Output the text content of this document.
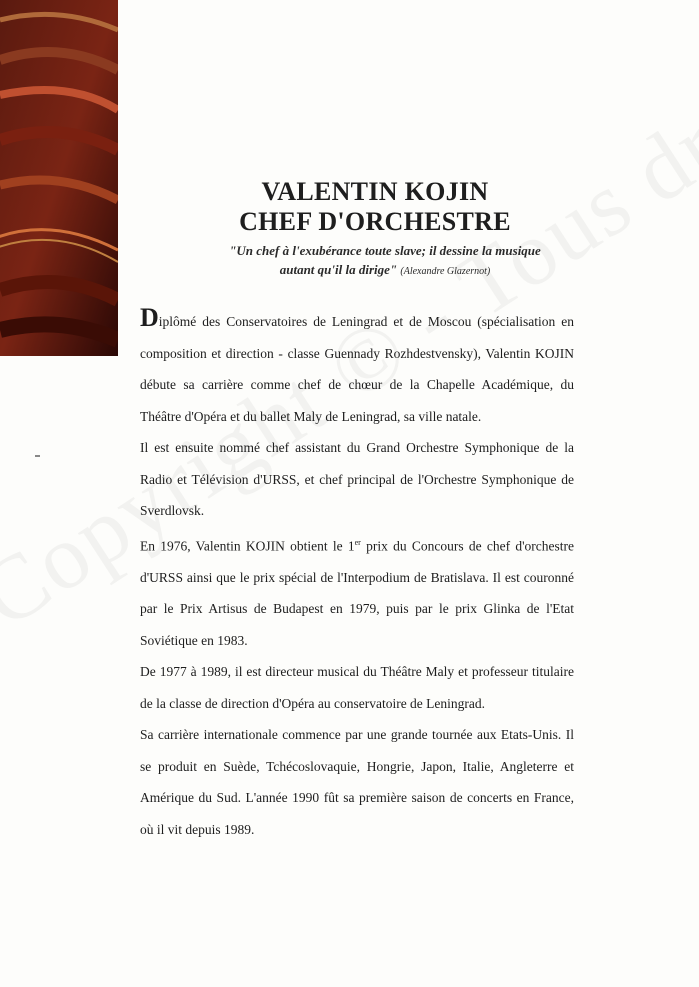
VALENTIN KOJIN
CHEF D'ORCHESTRE
"Un chef à l'exubérance toute slave; il dessine la musique
autant qu'il la dirige" (Alexandre Glazernot)

Diplômé des Conservatoires de Leningrad et de Moscou (spécialisation en composition et direction - classe Guennady Rozhdestvensky), Valentin KOJIN débute sa carrière comme chef de chœur de la Chapelle Académique, du Théâtre d'Opéra et du ballet Maly de Leningrad, sa ville natale.

Il est ensuite nommé chef assistant du Grand Orchestre Symphonique de la Radio et Télévision d'URSS, et chef principal de l'Orchestre Symphonique de Sverdlovsk.

En 1976, Valentin KOJIN obtient le 1er prix du Concours de chef d'orchestre d'URSS ainsi que le prix spécial de l'Interpodium de Bratislava. Il est couronné par le Prix Artisus de Budapest en 1979, puis par le prix Glinka de l'Etat Soviétique en 1983.

De 1977 à 1989, il est directeur musical du Théâtre Maly et professeur titulaire de la classe de direction d'Opéra au conservatoire de Leningrad.

Sa carrière internationale commence par une grande tournée aux Etats-Unis. Il se produit en Suède, Tchécoslovaquie, Hongrie, Japon, Italie, Angleterre et Amérique du Sud. L'année 1990 fût sa première saison de concerts en France, où il vit depuis 1989.
